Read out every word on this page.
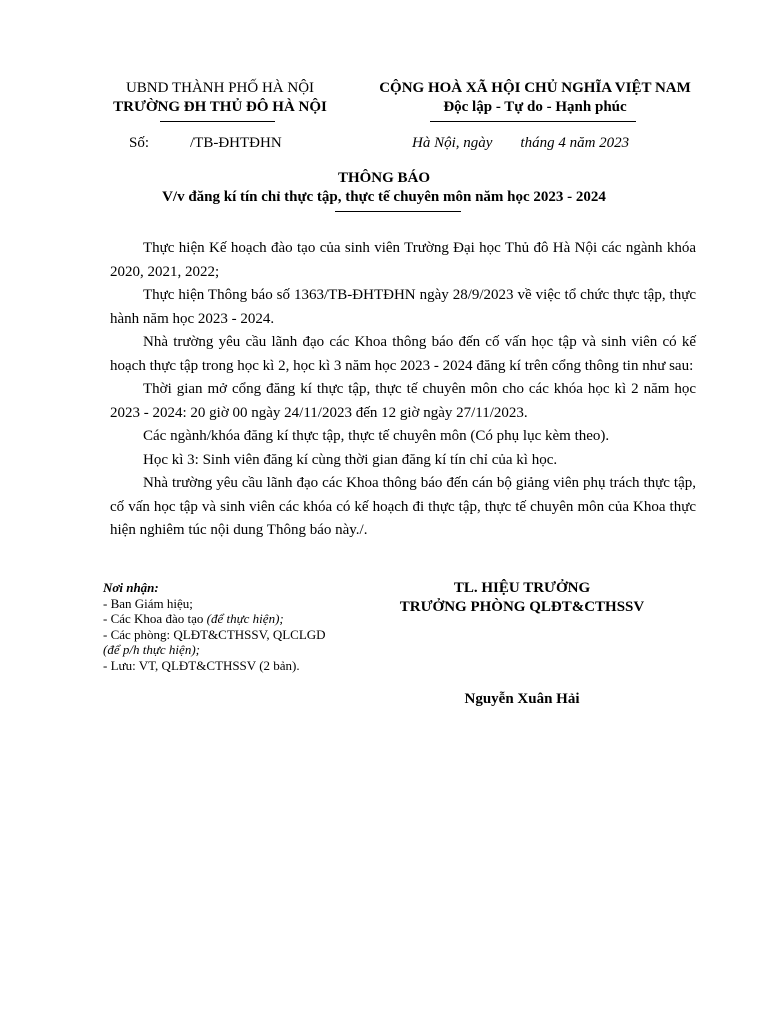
UBND THÀNH PHỐ HÀ NỘI
TRƯỜNG ĐH THỦ ĐÔ HÀ NỘI
CỘNG HOÀ XÃ HỘI CHỦ NGHĨA VIỆT NAM
Độc lập - Tự do - Hạnh phúc
Số:	/TB-ĐHTĐHN	Hà Nội, ngày tháng 4 năm 2023
THÔNG BÁO
V/v đăng kí tín chỉ thực tập, thực tế chuyên môn năm học 2023 - 2024

Thực hiện Kế hoạch đào tạo của sinh viên Trường Đại học Thủ đô Hà Nội các ngành khóa 2020, 2021, 2022;

Thực hiện Thông báo số 1363/TB-ĐHTĐHN ngày 28/9/2023 về việc tổ chức thực tập, thực hành năm học 2023 - 2024.

Nhà trường yêu cầu lãnh đạo các Khoa thông báo đến cố vấn học tập và sinh viên có kế hoạch thực tập trong học kì 2, học kì 3 năm học 2023 - 2024 đăng kí trên cổng thông tin như sau:

Thời gian mở cổng đăng kí thực tập, thực tế chuyên môn cho các khóa học kì 2 năm học 2023 - 2024: 20 giờ 00 ngày 24/11/2023 đến 12 giờ ngày 27/11/2023.

Các ngành/khóa đăng kí thực tập, thực tế chuyên môn (Có phụ lục kèm theo).

Học kì 3: Sinh viên đăng kí cùng thời gian đăng kí tín chỉ của kì học.

Nhà trường yêu cầu lãnh đạo các Khoa thông báo đến cán bộ giảng viên phụ trách thực tập, cố vấn học tập và sinh viên các khóa có kế hoạch đi thực tập, thực tế chuyên môn của Khoa thực hiện nghiêm túc nội dung Thông báo này./.

Nơi nhận:
- Ban Giám hiệu;
- Các Khoa đào tạo (để thực hiện);
- Các phòng: QLĐT&CTHSSV, QLCLGD
(để p/h thực hiện);
- Lưu: VT, QLĐT&CTHSSV (2 bản).
TL. HIỆU TRƯỞNG
TRƯỞNG PHÒNG QLĐT&CTHSSV
Nguyễn Xuân Hải
